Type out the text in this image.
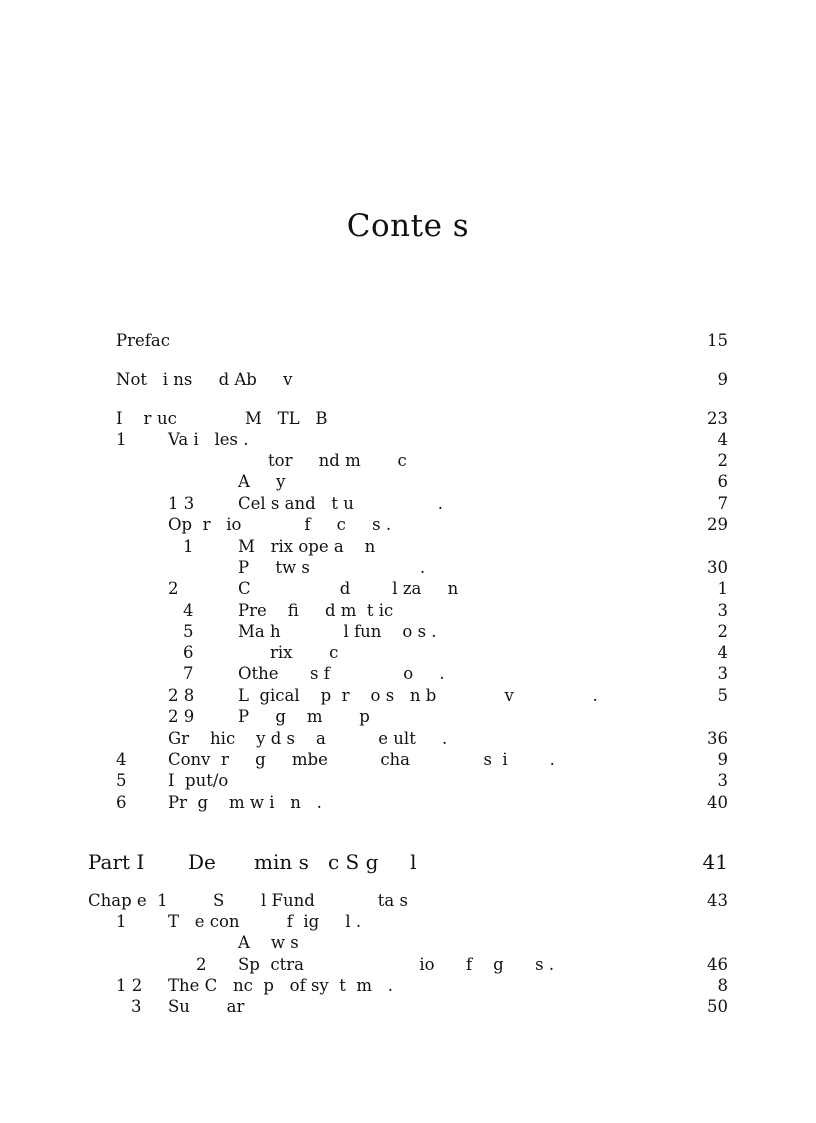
Conte s
Prefac	15
Not   i ns     d Ab     v	9
I    r uc             M   TL   B	23
1	Va i   les .	4
tor     nd m       c	2
A     y	6
1 3	Cel s and   t u                .	7
Op  r   io            f     c     s .	29
1	M   rix ope a    n
P     tw s                     .	30
2	C                 d        l za     n	1
4	Pre    fi     d m  t ic	3
5	Ma h            l fun    o s .	2
6	rix       c	4
7	Othe      s f              o     .	3
2 8	L  gical    p  r    o s   n b             v               .	5
2 9	P     g    m       p
Gr    hic    y d s    a          e ult     .	36
4	Conv  r     g     mbe          cha              s  i        .	9
5	I  put/o	3
6	Pr  g    m w i   n   .	40
Part I De      min s   c S g     l	41
Chap e  1	S       l Fund            ta s	43
1	T   e con         f  ig     l .
A    w s
2 Sp  ctra                      io      f    g      s .	46
1 2 The C   nc  p   of sy  t  m   .	8
3 Su       ar	50
